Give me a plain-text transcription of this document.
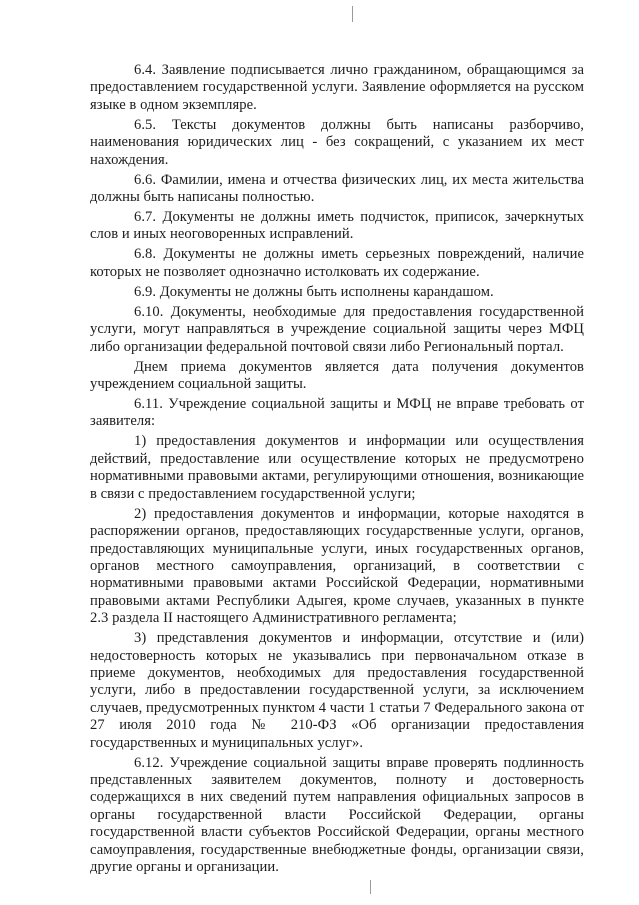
6.4. Заявление подписывается лично гражданином, обращающимся за предоставлением государственной услуги. Заявление оформляется на русском языке в одном экземпляре.

6.5. Тексты документов должны быть написаны разборчиво, наименования юридических лиц - без сокращений, с указанием их мест нахождения.

6.6. Фамилии, имена и отчества физических лиц, их места жительства должны быть написаны полностью.

6.7. Документы не должны иметь подчисток, приписок, зачеркнутых слов и иных неоговоренных исправлений.

6.8. Документы не должны иметь серьезных повреждений, наличие которых не позволяет однозначно истолковать их содержание.

6.9. Документы не должны быть исполнены карандашом.

6.10. Документы, необходимые для предоставления государственной услуги, могут направляться в учреждение социальной защиты через МФЦ либо организации федеральной почтовой связи либо Региональный портал.

Днем приема документов является дата получения документов учреждением социальной защиты.

6.11. Учреждение социальной защиты и МФЦ не вправе требовать от заявителя:

1) предоставления документов и информации или осуществления действий, предоставление или осуществление которых не предусмотрено нормативными правовыми актами, регулирующими отношения, возникающие в связи с предоставлением государственной услуги;

2) предоставления документов и информации, которые находятся в распоряжении органов, предоставляющих государственные услуги, органов, предоставляющих муниципальные услуги, иных государственных органов, органов местного самоуправления, организаций, в соответствии с нормативными правовыми актами Российской Федерации, нормативными правовыми актами Республики Адыгея, кроме случаев, указанных в пункте 2.3 раздела II настоящего Административного регламента;

3) представления документов и информации, отсутствие и (или) недостоверность которых не указывались при первоначальном отказе в приеме документов, необходимых для предоставления государственной услуги, либо в предоставлении государственной услуги, за исключением случаев, предусмотренных пунктом 4 части 1 статьи 7 Федерального закона от 27 июля 2010 года № 210-ФЗ «Об организации предоставления государственных и муниципальных услуг».

6.12. Учреждение социальной защиты вправе проверять подлинность представленных заявителем документов, полноту и достоверность содержащихся в них сведений путем направления официальных запросов в органы государственной власти Российской Федерации, органы государственной власти субъектов Российской Федерации, органы местного самоуправления, государственные внебюджетные фонды, организации связи, другие органы и организации.
